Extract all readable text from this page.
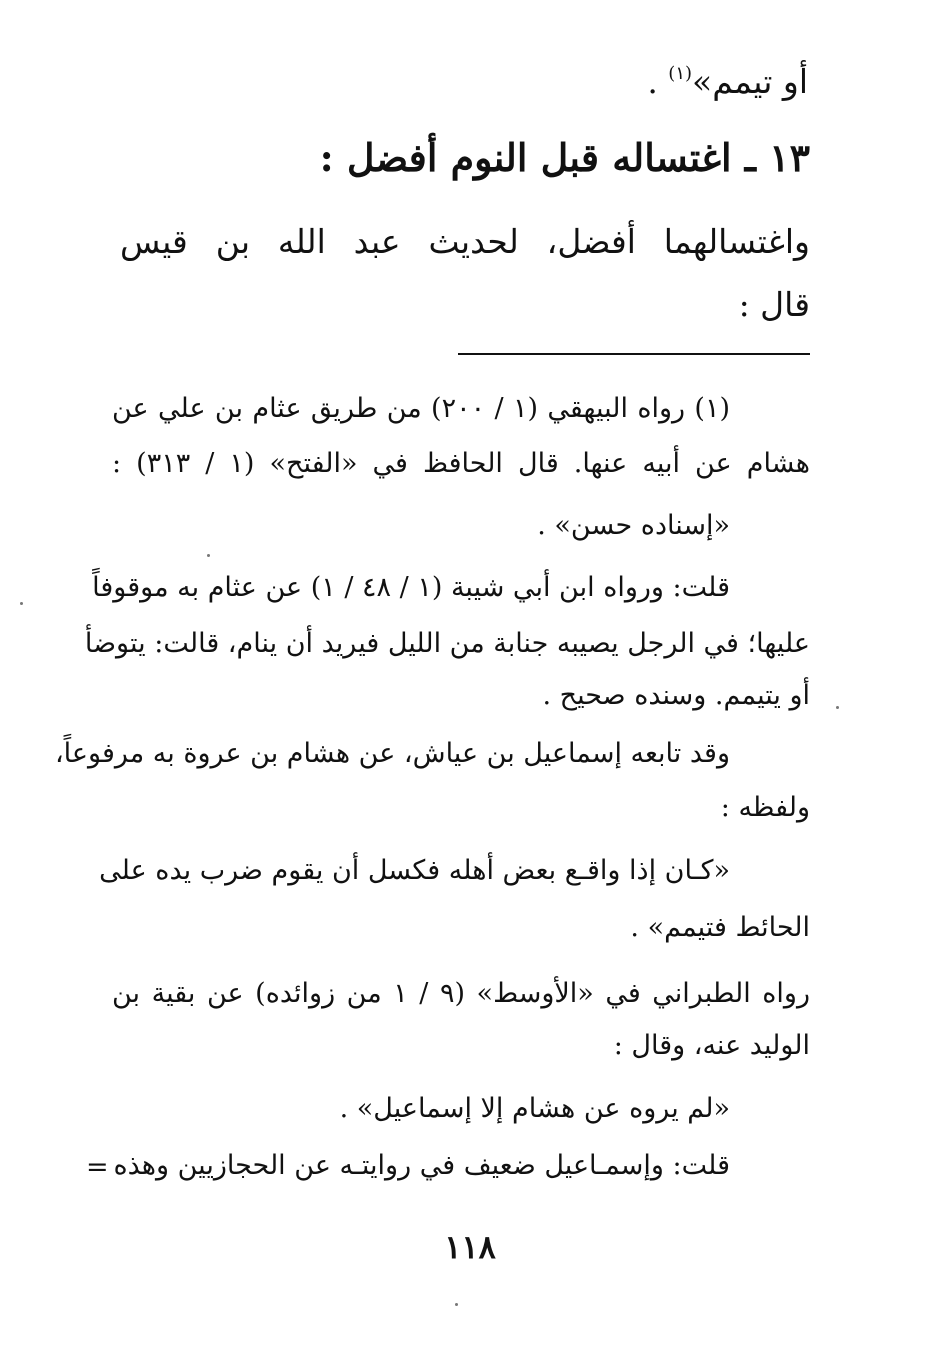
أو تيمم»$^{(١)}$ .
١٣ ـ اغتساله قبل النوم أفضل :
واغتسالهما أفضل، لحديث عبد الله بن قيس
قال :
(١) رواه البيهقي (١ / ٢٠٠) من طريق عثام بن علي عن
هشام عن أبيه عنها. قال الحافظ في «الفتح» (١ / ٣١٣) :
«إسناده حسن» .
قلت: ورواه ابن أبي شيبة (١ / ٤٨ / ١) عن عثام به موقوفاً
عليها؛ في الرجل يصيبه جنابة من الليل فيريد أن ينام، قالت: يتوضأ
أو يتيمم. وسنده صحيح .
وقد تابعه إسماعيل بن عياش، عن هشام بن عروة به مرفوعاً،
ولفظه :
«كـان إذا واقـع بعض أهله فكسل أن يقوم ضرب يده على
الحائط فتيمم» .
رواه الطبراني في «الأوسط» (٩ / ١ من زوائده) عن بقية بن
الوليد عنه، وقال :
«لم يروه عن هشام إلا إسماعيل» .
قلت: وإسمـاعيل ضعيف في روايتـه عن الحجازيين وهذه
=
١١٨
